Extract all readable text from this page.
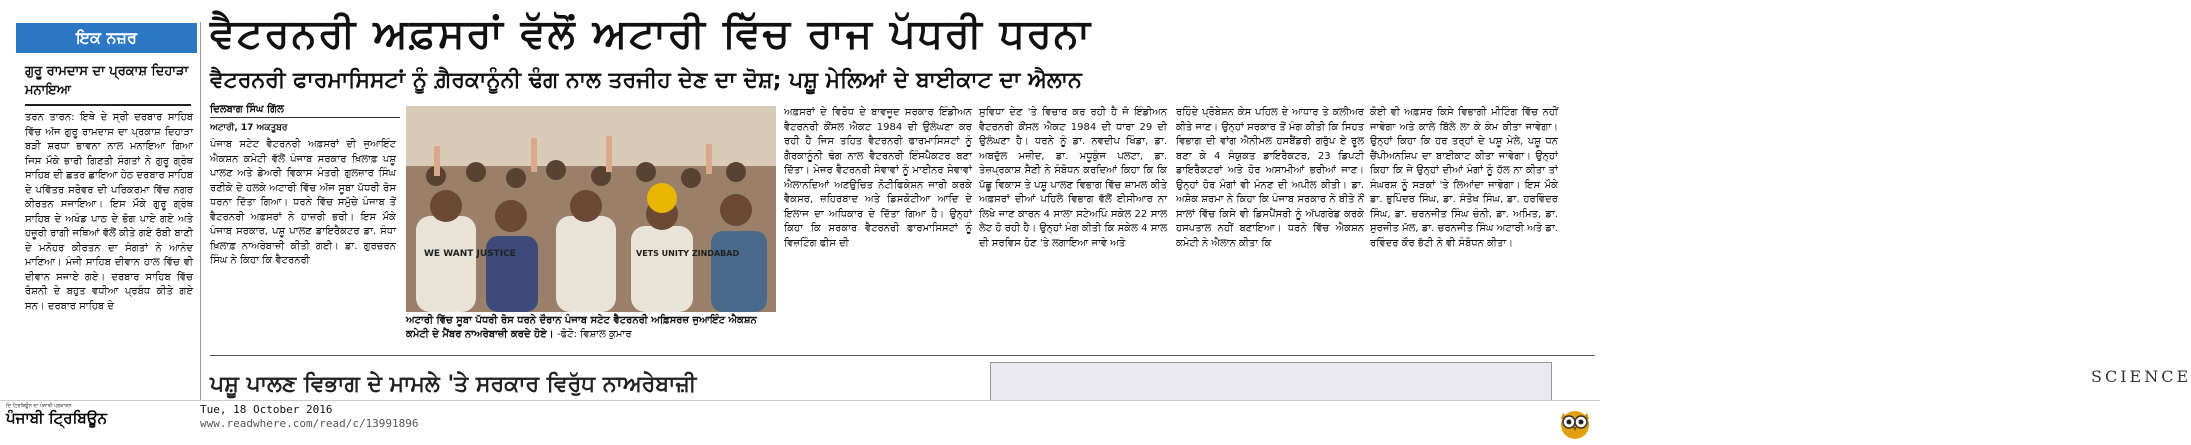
ਇਕ ਨਜ਼ਰ
ਗੁਰੂ ਰਾਮਦਾਸ ਦਾ ਪ੍ਰਕਾਸ਼ ਦਿਹਾੜਾ ਮਨਾਇਆ
ਤਰਨ ਤਾਰਨ: ਇਥੇ ਦੇ ਸ੍ਰੀ ਦਰਬਾਰ ਸਾਹਿਬ ਵਿੱਚ ਅੱਜ ਗੁਰੂ ਰਾਮਦਾਸ ਦਾ ਪ੍ਰਕਾਸ਼ ਦਿਹਾੜਾ ਬੜੀ ਸ਼ਰਧਾ ਭਾਵਨਾ ਨਾਲ ਮਨਾਇਆ ਗਿਆ ਜਿਸ ਮੌਕੇ ਭਾਰੀ ਗਿਣਤੀ ਸੰਗਤਾਂ ਨੇ ਗੁਰੂ ਗ੍ਰੰਥ ਸਾਹਿਬ ਦੀ ਛਤਰ ਛਾਇਆ ਹੇਠ ਦਰਬਾਰ ਸਾਹਿਬ ਦੇ ਪਵਿੱਤਰ ਸਰੋਵਰ ਦੀ ਪਰਿਕਰਮਾ ਵਿੱਚ ਨਗਰ ਕੀਰਤਨ ਸਜਾਇਆ। ਇਸ ਮੌਕੇ ਗੁਰੂ ਗ੍ਰੰਥ ਸਾਹਿਬ ਦੇ ਅਖੰਡ ਪਾਠ ਦੇ ਭੋਗ ਪਾਏ ਗਏ ਅਤੇ ਹਜ਼ੂਰੀ ਰਾਗੀ ਜਥਿਆਂ ਵੱਲੋਂ ਕੀਤੇ ਗਏ ਰੱਬੀ ਬਾਣੀ ਦੇ ਮਨੋਹਰ ਕੀਰਤਨ ਦਾ ਸੰਗਤਾਂ ਨੇ ਆਨੰਦ ਮਾਣਿਆ। ਮੰਜੀ ਸਾਹਿਬ ਦੀਵਾਨ ਹਾਲ ਵਿੱਚ ਵੀ ਦੀਵਾਨ ਸਜਾਏ ਗਏ। ਦਰਬਾਰ ਸਾਹਿਬ ਵਿੱਚ ਰੋਸ਼ਨੀ ਦੇ ਬਹੁਤ ਵਧੀਆ ਪ੍ਰਬੰਧ ਕੀਤੇ ਗਏ ਸਨ। ਦਰਬਾਰ ਸਾਹਿਬ ਦੇ
ਵੈਟਰਨਰੀ ਅਫ਼ਸਰਾਂ ਵੱਲੋਂ ਅਟਾਰੀ ਵਿੱਚ ਰਾਜ ਪੱਧਰੀ ਧਰਨਾ
ਵੈਟਰਨਰੀ ਫਾਰਮਾਸਿਸਟਾਂ ਨੂੰ ਗ਼ੈਰਕਾਨੂੰਨੀ ਢੰਗ ਨਾਲ ਤਰਜੀਹ ਦੇਣ ਦਾ ਦੋਸ਼; ਪਸ਼ੂ ਮੇਲਿਆਂ ਦੇ ਬਾਈਕਾਟ ਦਾ ਐਲਾਨ
ਦਿਲਬਾਗ ਸਿੰਘ ਗਿੱਲ
ਅਟਾਰੀ, 17 ਅਕਤੂਬਰ
ਪੰਜਾਬ ਸਟੇਟ ਵੈਟਰਨਰੀ ਅਫ਼ਸਰਾਂ ਦੀ ਜੁਆਇੰਟ ਐਕਸ਼ਨ ਕਮੇਟੀ ਵੱਲੋਂ ਪੰਜਾਬ ਸਰਕਾਰ ਖ਼ਿਲਾਫ਼ ਪਸ਼ੂ ਪਾਲਣ ਅਤੇ ਡੇਅਰੀ ਵਿਕਾਸ ਮੰਤਰੀ ਗੁਲਜ਼ਾਰ ਸਿੰਘ ਰਣੀਕੇ ਦੇ ਹਲਕੇ ਅਟਾਰੀ ਵਿੱਚ ਅੱਜ ਸੂਬਾ ਪੱਧਰੀ ਰੋਸ ਧਰਨਾ ਦਿੱਤਾ ਗਿਆ। ਧਰਨੇ ਵਿੱਚ ਸਮੁੱਚੇ ਪੰਜਾਬ ਤੋਂ ਵੈਟਰਨਰੀ ਅਫ਼ਸਰਾਂ ਨੇ ਹਾਜ਼ਰੀ ਭਰੀ। ਇਸ ਮੌਕੇ ਪੰਜਾਬ ਸਰਕਾਰ, ਪਸ਼ੂ ਪਾਲਣ ਡਾਇਰੈਕਟਰ ਡਾ. ਸੰਧਾ ਖ਼ਿਲਾਫ਼ ਨਾਅਰੇਬਾਜ਼ੀ ਕੀਤੀ ਗਈ। ਡਾ. ਗੁਰਚਰਨ ਸਿੰਘ ਨੇ ਕਿਹਾ ਕਿ ਵੈਟਰਨਰੀ
WE WANT JUSTICE	VETS UNITY ZINDABAD
ਅਟਾਰੀ ਵਿੱਚ ਸੂਬਾ ਪੱਧਰੀ ਰੋਸ ਧਰਨੇ ਦੌਰਾਨ ਪੰਜਾਬ ਸਟੇਟ ਵੈਟਰਨਰੀ ਅਫ਼ਿਸਰਜ਼ ਜੁਆਇੰਟ ਐਕਸ਼ਨ ਕਮੇਟੀ ਦੇ ਮੈਂਬਰ ਨਾਅਰੇਬਾਜ਼ੀ ਕਰਦੇ ਹੋਏ। -ਫੋਟੋ: ਵਿਸ਼ਾਲ ਕੁਮਾਰ
ਅਫ਼ਸਰਾਂ ਦੇ ਵਿਰੋਧ ਦੇ ਬਾਵਜੂਦ ਸਰਕਾਰ ਇੰਡੀਅਨ ਵੈਟਰਨਰੀ ਕੌਂਸਲ ਐਕਟ 1984 ਦੀ ਉਲੰਘਣਾ ਕਰ ਰਹੀ ਹੈ ਜਿਸ ਤਹਿਤ ਵੈਟਰਨਰੀ ਫਾਰਮਾਸਿਸਟਾਂ ਨੂੰ ਗੈਰਕਾਨੂੰਨੀ ਢੰਗ ਨਾਲ ਵੈਟਰਨਰੀ ਇੰਸਪੈਕਟਰ ਬਣਾ ਦਿੱਤਾ। ਮੇਜਰ ਵੈਟਰਨਰੀ ਸੇਵਾਵਾਂ ਨੂੰ ਮਾਈਨਰ ਸੇਵਾਵਾਂ ਐਲਾਨਦਿਆਂ ਅਣਉਚਿਤ ਨੋਟੀਫਿਕੇਸ਼ਨ ਜਾਰੀ ਕਰਕੇ ਵੈਕਸਰ, ਜ਼ਹਿਰਬਾਦ ਅਤੇ ਡਿਸਕੋਟੀਆ ਆਦਿ ਦੇ ਇਲਾਜ ਦਾ ਅਧਿਕਾਰ ਦੇ ਦਿੱਤਾ ਗਿਆ ਹੈ। ਉਨ੍ਹਾਂ ਕਿਹਾ ਕਿ ਸਰਕਾਰ ਵੈਟਰਨਰੀ ਫਾਰਮਾਸਿਸਟਾਂ ਨੂੰ ਵਿਜ਼ਟਿੰਗ ਫੀਸ ਦੀ
ਸੁਵਿਧਾ ਦੇਣ 'ਤੇ ਵਿਚਾਰ ਕਰ ਰਹੀ ਹੈ ਜੋ ਇੰਡੀਅਨ ਵੈਟਰਨਰੀ ਕੌਂਸਲ ਐਕਟ 1984 ਦੀ ਧਾਰਾ 29 ਦੀ ਉਲੰਘਣਾ ਹੈ। ਧਰਨੇ ਨੂੰ ਡਾ. ਨਵਦੀਪ ਖਿੰਡਾ, ਡਾ. ਅਬਦੁੱਲ ਮਜ਼ੀਦ, ਡਾ. ਮਧੂਕੁੰਜ ਪਲਟਾ, ਡਾ. ਤੇਜ਼ਪ੍ਰਕਾਸ਼ ਸੈਣੀ ਨੇ ਸੰਬੋਧਨ ਕਰਦਿਆਂ ਕਿਹਾ ਕਿ ਕਿ ਪੱਛੂ ਵਿਕਾਸ ਤੇ ਪਸ਼ੂ ਪਾਲਣ ਵਿਭਾਗ ਵਿੱਚ ਸ਼ਾਮਲ ਕੀਤੇ ਅਫ਼ਸਰਾਂ ਦੀਆਂ ਪਹਿਲੇ ਵਿਭਾਗ ਵੱਲੋਂ ਈਸੀਆਰ ਨਾ ਲਿਖੇ ਜਾਣ ਕਾਰਨ 4 ਸਾਲਾ ਸਟੇਅਪਿੰ ਸਕੇਲ 22 ਸਾਲ ਲੇਟ ਹੋ ਰਹੀ ਹੈ। ਉਨ੍ਹਾਂ ਮੰਗ ਕੀਤੀ ਕਿ ਸਕੇਲ 4 ਸਾਲ ਦੀ ਸਰਵਿਸ ਹੋਣ 'ਤੇ ਲਗਾਇਆ ਜਾਵੇ ਅਤੇ
ਰਹਿੰਦੇ ਪ੍ਰੋਬੇਸ਼ਨ ਕੇਸ ਪਹਿਲ ਦੇ ਆਧਾਰ ਤੇ ਕਲੀਅਰ ਕੀਤੇ ਜਾਣ। ਉਨ੍ਹਾਂ ਸਰਕਾਰ ਤੋਂ ਮੰਗ ਕੀਤੀ ਕਿ ਸਿਹਤ ਵਿਭਾਗ ਦੀ ਵਾਂਗ ਐਨੀਮਲ ਹਸਬੈਂਡਰੀ ਗਰੁੱਪ ਏ ਰੂਲ ਬਣਾ ਕੇ 4 ਸੰਯੁਕਤ ਡਾਇਰੈਕਟਰ, 23 ਡਿਪਟੀ ਡਾਇਰੈਕਟਰਾਂ ਅਤੇ ਹੋਰ ਅਸਾਮੀਆਂ ਭਰੀਆਂ ਜਾਣ। ਉਨ੍ਹਾਂ ਹੋਰ ਮੰਗਾਂ ਵੀ ਮੰਨਣ ਦੀ ਅਪੀਲ ਕੀਤੀ। ਡਾ. ਅਸ਼ੋਕ ਸ਼ਰਮਾ ਨੇ ਕਿਹਾ ਕਿ ਪੰਜਾਬ ਸਰਕਾਰ ਨੇ ਬੀਤੇ ਨੌਂ ਸਾਲਾਂ ਵਿੱਚ ਕਿਸੇ ਵੀ ਡਿਸਪੈਂਸਰੀ ਨੂੰ ਅੱਪਗਰੇਡ ਕਰਕੇ ਹਸਪਤਾਲ ਨਹੀਂ ਬਣਾਇਆ। ਧਰਨੇ ਵਿੱਚ ਐਕਸ਼ਨ ਕਮੇਟੀ ਨੇ ਐਲਾਨ ਕੀਤਾ ਕਿ
ਕੋਈ ਵੀ ਅਫ਼ਸਰ ਕਿਸੇ ਵਿਭਾਗੀ ਮੀਟਿੰਗ ਵਿੱਚ ਨਹੀਂ ਜਾਵੇਗਾ ਅਤੇ ਕਾਲੇ ਬਿੱਲੇ ਲਾ ਕੇ ਕੰਮ ਕੀਤਾ ਜਾਵੇਗਾ। ਉਨ੍ਹਾਂ ਕਿਹਾ ਕਿ ਹਰ ਤਰ੍ਹਾਂ ਦੇ ਪਸ਼ੂ ਮੇਲੇ, ਪਸ਼ੂ ਧਨ ਚੈਂਪੀਅਨਸ਼ਿਪ ਦਾ ਬਾਈਕਾਟ ਕੀਤਾ ਜਾਵੇਗਾ। ਉਨ੍ਹਾਂ ਕਿਹਾ ਕਿ ਜੇ ਉਨ੍ਹਾਂ ਦੀਆਂ ਮੰਗਾਂ ਨੂੰ ਹੱਲ ਨਾ ਕੀਤਾ ਤਾਂ ਸੰਘਰਸ਼ ਨੂੰ ਸੜਕਾਂ 'ਤੇ ਲਿਆਂਦਾ ਜਾਵੇਗਾ। ਇਸ ਮੌਕੇ ਡਾ. ਭੁਪਿੰਦਰ ਸਿੰਘ, ਡਾ. ਸੰਤੋਖ ਸਿੰਘ, ਡਾ. ਹਰਵਿੰਦਰ ਸਿੰਘ, ਡਾ. ਚਰਨਜੀਤ ਸਿੰਘ ਚੰਨੀ, ਡਾ. ਅਮਿਤ, ਡਾ. ਸੁਰਜੀਤ ਮੱਲ, ਡਾ. ਚਰਨਜੀਤ ਸਿੰਘ ਅਟਾਰੀ ਅਤੇ ਡਾ. ਰਵਿੰਦਰ ਕੌਰ ਭੱਟੀ ਨੇ ਵੀ ਸੰਬੋਧਨ ਕੀਤਾ।
ਪਸ਼ੂ ਪਾਲਣ ਵਿਭਾਗ ਦੇ ਮਾਮਲੇ 'ਤੇ ਸਰਕਾਰ ਵਿਰੁੱਧ ਨਾਅਰੇਬਾਜ਼ੀ	SCIENCE
ਦਿ ਟ੍ਰਿਬਿਊਨ ਦਾ ਪੰਜਾਬੀ ਪ੍ਰਕਾਸ਼ਨ
ਪੰਜਾਬੀ ਟ੍ਰਿਬਿਊਨ	Tue, 18 October 2016
www.readwhere.com/read/c/13991896
